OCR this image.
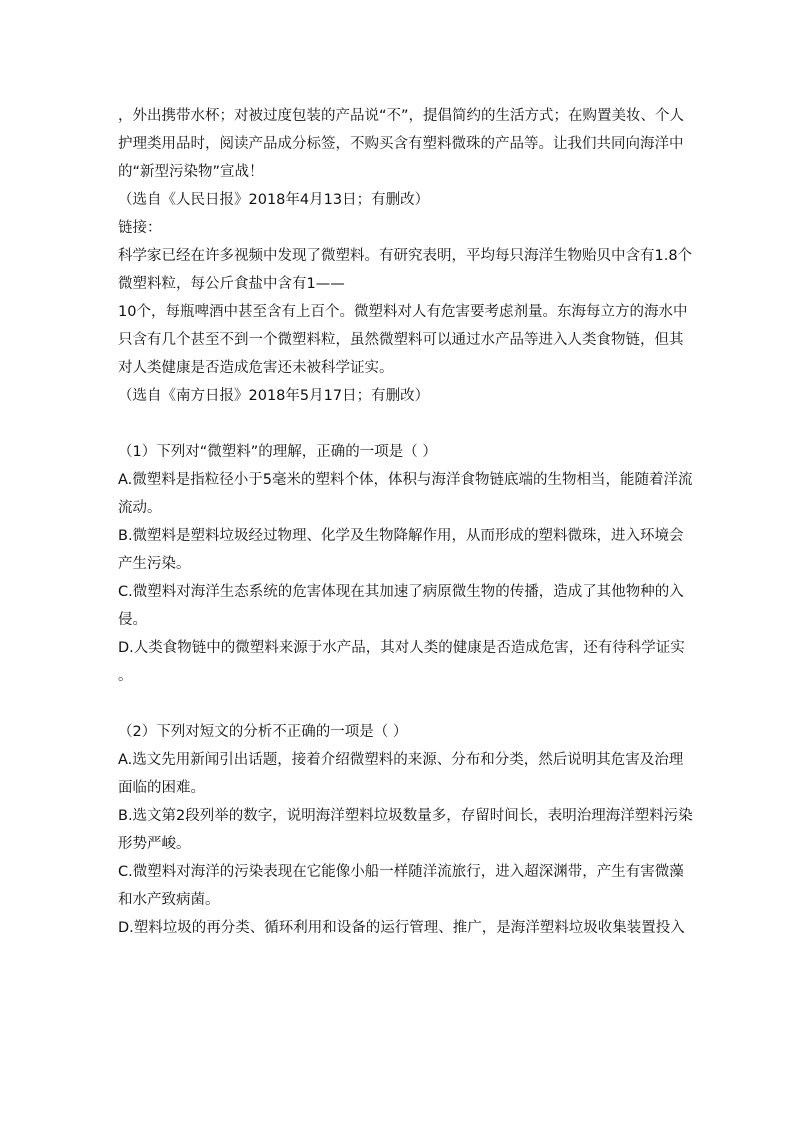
，外出携带水杯；对被过度包装的产品说“不”，提倡简约的生活方式；在购置美妆、个人

护理类用品时，阅读产品成分标签，不购买含有塑料微珠的产品等。让我们共同向海洋中

的“新型污染物”宣战！

（选自《人民日报》2018年4月13日；有删改）

链接：

科学家已经在许多视频中发现了微塑料。有研究表明，平均每只海洋生物贻贝中含有1.8个

微塑料粒，每公斤食盐中含有1——

10个，每瓶啤酒中甚至含有上百个。微塑料对人有危害要考虑剂量。东海每立方的海水中

只含有几个甚至不到一个微塑料粒，虽然微塑料可以通过水产品等进入人类食物链，但其

对人类健康是否造成危害还未被科学证实。

（选自《南方日报》2018年5月17日；有删改）

（1）下列对“微塑料”的理解，正确的一项是（ ）

A.微塑料是指粒径小于5毫米的塑料个体，体积与海洋食物链底端的生物相当，能随着洋流

流动。

B.微塑料是塑料垃圾经过物理、化学及生物降解作用，从而形成的塑料微珠，进入环境会

产生污染。

C.微塑料对海洋生态系统的危害体现在其加速了病原微生物的传播，造成了其他物种的入

侵。

D.人类食物链中的微塑料来源于水产品，其对人类的健康是否造成危害，还有待科学证实

。

（2）下列对短文的分析不正确的一项是（ ）

A.选文先用新闻引出话题，接着介绍微塑料的来源、分布和分类，然后说明其危害及治理

面临的困难。

B.选文第2段列举的数字，说明海洋塑料垃圾数量多，存留时间长，表明治理海洋塑料污染

形势严峻。

C.微塑料对海洋的污染表现在它能像小船一样随洋流旅行，进入超深渊带，产生有害微藻

和水产致病菌。

D.塑料垃圾的再分类、循环利用和设备的运行管理、推广，是海洋塑料垃圾收集装置投入
